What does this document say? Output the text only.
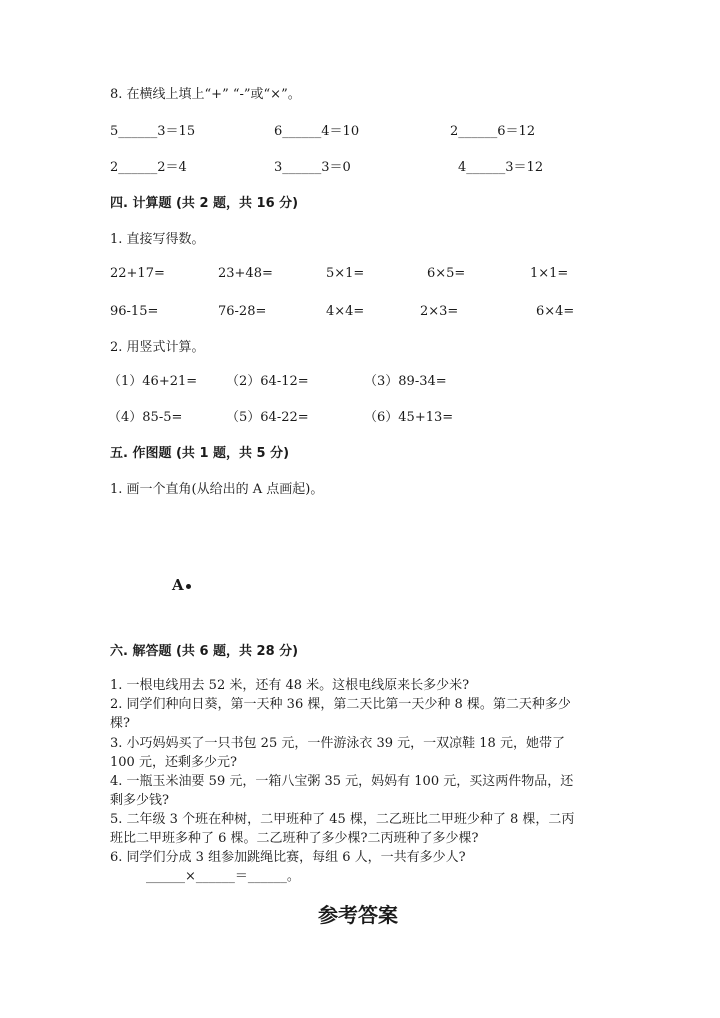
8. 在横线上填上“+” “-”或“×”。
5______3＝15	6______4＝10	2______6＝12
2______2＝4	3______3＝0	4______3＝12
四. 计算题 (共 2 题，共 16 分)
1. 直接写得数。
22+17=	23+48=	5×1=	6×5=	1×1=
96-15=	76-28=	4×4=	2×3=	6×4=
2. 用竖式计算。
（1）46+21= （2）64-12=	（3）89-34=
（4）85-5=	（5）64-22=	（6）45+13=
五. 作图题 (共 1 题，共 5 分)
1. 画一个直角(从给出的 A 点画起)。
A
六. 解答题 (共 6 题，共 28 分)
1. 一根电线用去 52 米，还有 48 米。这根电线原来长多少米?
2. 同学们种向日葵，第一天种 36 棵，第二天比第一天少种 8 棵。第二天种多少
棵?
3. 小巧妈妈买了一只书包 25 元，一件游泳衣 39 元，一双凉鞋 18 元，她带了
100 元，还剩多少元?
4. 一瓶玉米油要 59 元，一箱八宝粥 35 元，妈妈有 100 元，买这两件物品，还
剩多少钱?
5. 二年级 3 个班在种树，二甲班种了 45 棵，二乙班比二甲班少种了 8 棵，二丙
班比二甲班多种了 6 棵。二乙班种了多少棵?二丙班种了多少棵?
6. 同学们分成 3 组参加跳绳比赛，每组 6 人，一共有多少人?
______×______＝______。
参考答案
